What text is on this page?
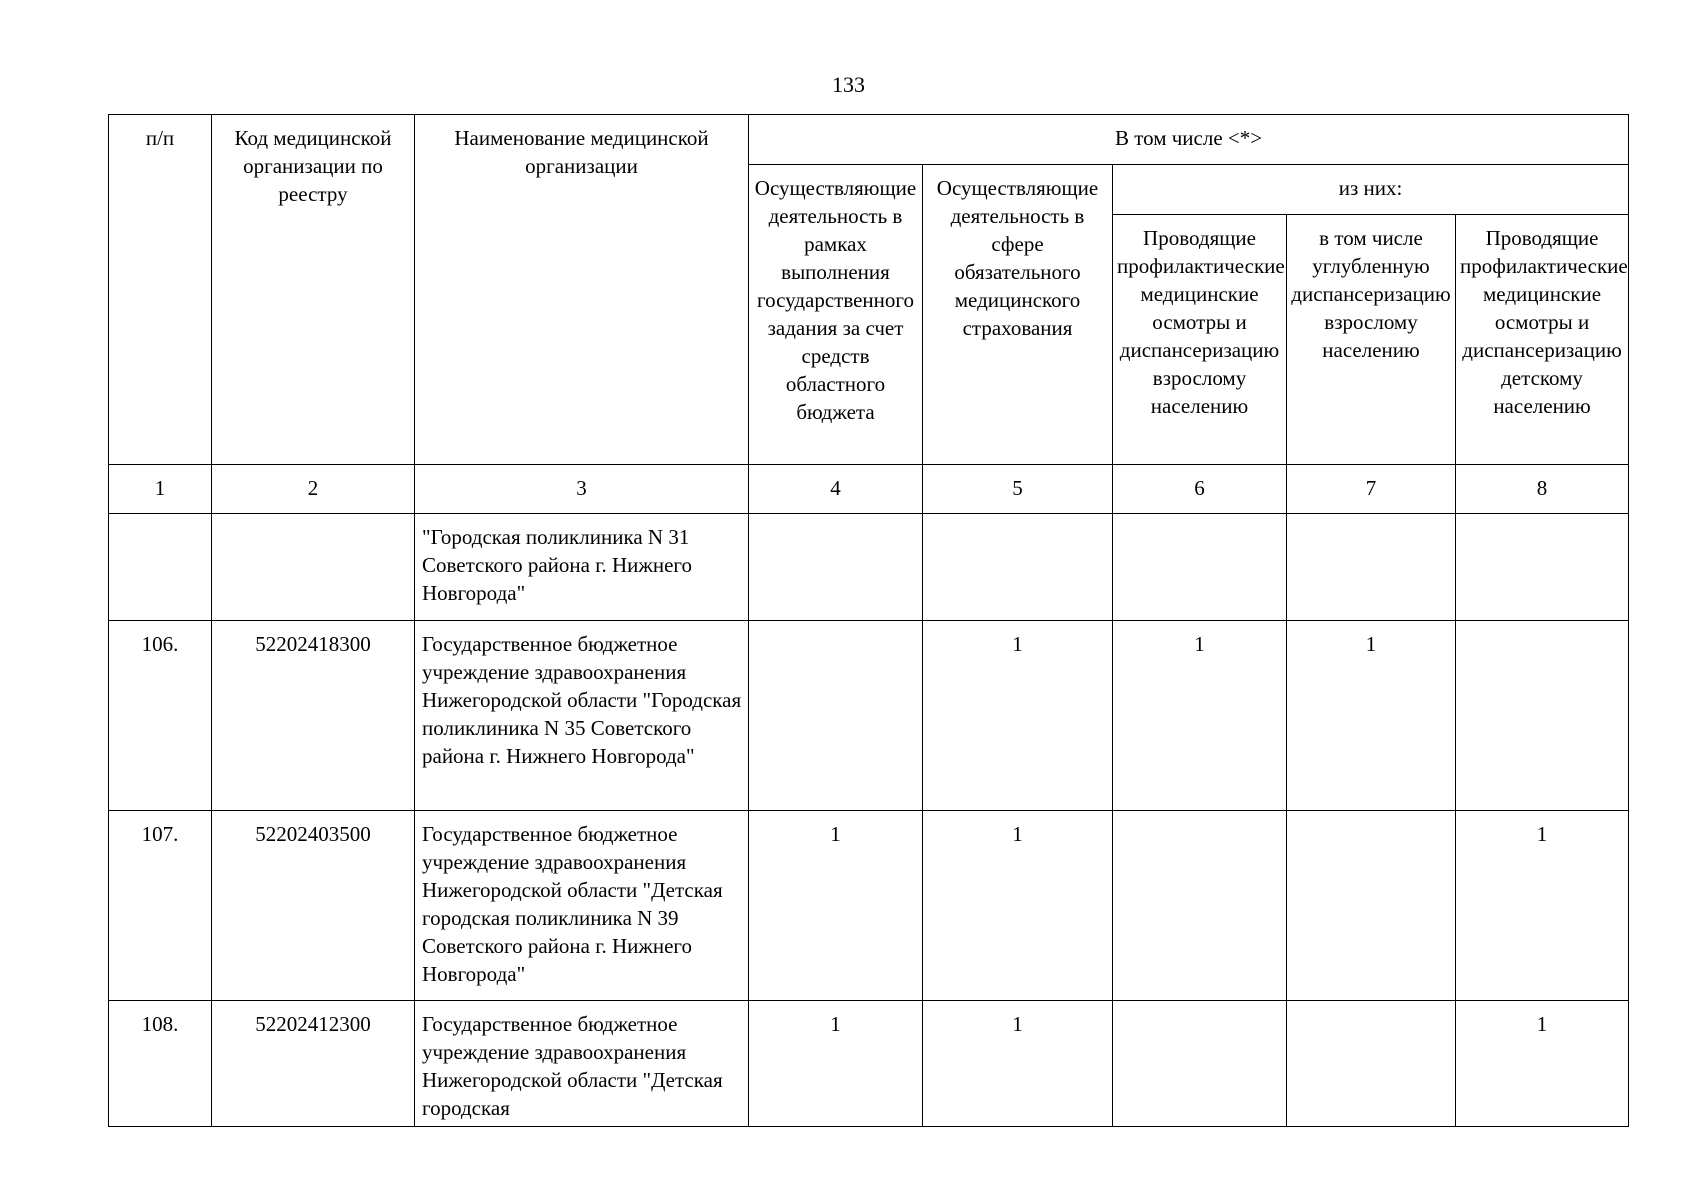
133
п/п	Код медицинской организации по реестру	Наименование медицинской организации	В том числе <*>				
			Осуществляющие деятельность в рамках выполнения государственного задания за счет средств областного бюджета	Осуществляющие деятельность в сфере обязательного медицинского страхования	из них:		
					Проводящие профилактические медицинские осмотры и диспансеризацию взрослому населению	в том числе углубленную диспансеризацию взрослому населению	Проводящие профилактические медицинские осмотры и диспансеризацию детскому населению
1	2	3	4	5	6	7	8
		"Городская поликлиника N 31 Советского района г. Нижнего Новгорода"					
106.	52202418300	Государственное бюджетное учреждение здравоохранения Нижегородской области "Городская поликлиника N 35 Советского района г. Нижнего Новгорода"		1	1	1	
107.	52202403500	Государственное бюджетное учреждение здравоохранения Нижегородской области "Детская городская поликлиника N 39 Советского района г. Нижнего Новгорода"	1	1			1
108.	52202412300	Государственное бюджетное учреждение здравоохранения Нижегородской области "Детская городская	1	1			1
